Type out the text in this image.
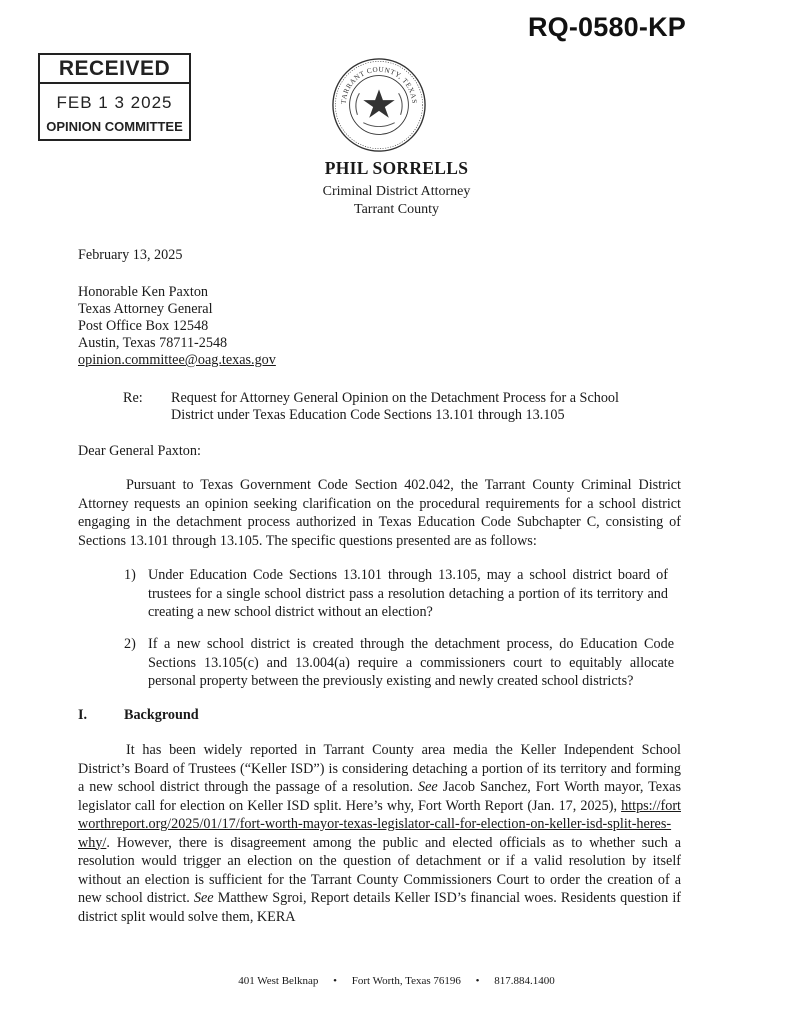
RQ-0580-KP
RECEIVED
FEB 1 3 2025
OPINION COMMITTEE
TARRANT COUNTY, TEXAS
PHIL SORRELLS
Criminal District Attorney
Tarrant County
February 13, 2025
Honorable Ken Paxton
Texas Attorney General
Post Office Box 12548
Austin, Texas 78711-2548
opinion.committee@oag.texas.gov
Re: Request for Attorney General Opinion on the Detachment Process for a School
District under Texas Education Code Sections 13.101 through 13.105
Dear General Paxton:
Pursuant to Texas Government Code Section 402.042, the Tarrant County Criminal District Attorney requests an opinion seeking clarification on the procedural requirements for a school district engaging in the detachment process authorized in Texas Education Code Subchapter C, consisting of Sections 13.101 through 13.105. The specific questions presented are as follows:
1) Under Education Code Sections 13.101 through 13.105, may a school district board of trustees for a single school district pass a resolution detaching a portion of its territory and creating a new school district without an election?
2) If a new school district is created through the detachment process, do Education Code Sections 13.105(c) and 13.004(a) require a commissioners court to equitably allocate personal property between the previously existing and newly created school districts?
I.	Background
It has been widely reported in Tarrant County area media the Keller Independent School District’s Board of Trustees (“Keller ISD”) is considering detaching a portion of its territory and forming a new school district through the passage of a resolution. See Jacob Sanchez, Fort Worth mayor, Texas legislator call for election on Keller ISD split. Here’s why, Fort Worth Report (Jan. 17, 2025), https://fortworthreport.org/2025/01/17/fort-worth-mayor-texas-legislator-call-for-election-on-keller-isd-split-heres-why/. However, there is disagreement among the public and elected officials as to whether such a resolution would trigger an election on the question of detachment or if a valid resolution by itself without an election is sufficient for the Tarrant County Commissioners Court to order the creation of a new school district. See Matthew Sgroi, Report details Keller ISD’s financial woes. Residents question if district split would solve them, KERA
401 West Belknap • Fort Worth, Texas 76196 • 817.884.1400
